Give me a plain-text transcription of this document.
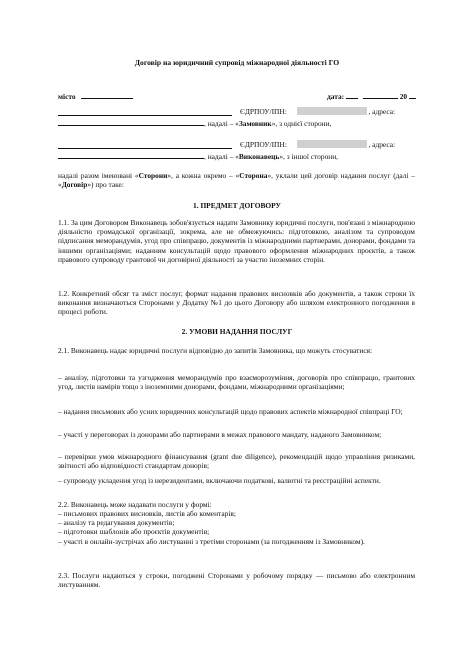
Договір на юридичний супровід міжнародної діяльності ГО
місто	дата:	20
ЄДРПОУ/ІПН:	, адреса:
, надалі – «Замовник», з однієї сторони,
ЄДРПОУ/ІПН:	, адреса:
, надалі – «Виконавець», з іншої сторони,
надалі разом іменовані «Сторони», а кожна окремо – «Сторона», уклали цей договір надання послуг (далі – «Договір») про таке:
1. ПРЕДМЕТ ДОГОВОРУ
1.1. За цим Договором Виконавець зобов'язується надати Замовнику юридичні послуги, пов'язані з міжнародною діяльністю громадської організації, зокрема, але не обмежуючись: підготовкою, аналізом та супроводом підписання меморандумів, угод про співпрацю, документів із міжнародними партнерами, донорами, фондами та іншими організаціями; наданням консультацій щодо правового оформлення міжнародних проєктів, а також правового супроводу грантової чи договірної діяльності за участю іноземних сторін.
1.2. Конкретний обсяг та зміст послуг, формат надання правових висновків або документів, а також строки їх виконання визначаються Сторонами у Додатку №1 до цього Договору або шляхом електронного погодження в процесі роботи.
2. УМОВИ НАДАННЯ ПОСЛУГ
2.1. Виконавець надає юридичні послуги відповідно до запитів Замовника, що можуть стосуватися:
– аналізу, підготовки та узгодження меморандумів про взаєморозуміння, договорів про співпрацю, грантових угод, листів намірів тощо з іноземними донорами, фондами, міжнародними організаціями;
– надання письмових або усних юридичних консультацій щодо правових аспектів міжнародної співпраці ГО;
– участі у переговорах із донорами або партнерами в межах правового мандату, наданого Замовником;
– перевірки умов міжнародного фінансування (grant due diligence), рекомендацій щодо управління ризиками, звітності або відповідності стандартам донорів;
– супроводу укладення угод із нерезидентами, включаючи податкові, валютні та реєстраційні аспекти.
2.2. Виконавець може надавати послуги у формі:
– письмових правових висновків, листів або коментарів;
– аналізу та редагування документів;
– підготовки шаблонів або проєктів документів;
– участі в онлайн-зустрічах або листуванні з третіми сторонами (за погодженням із Замовником).
2.3. Послуги надаються у строки, погоджені Сторонами у робочому порядку — письмово або електронним листуванням.
